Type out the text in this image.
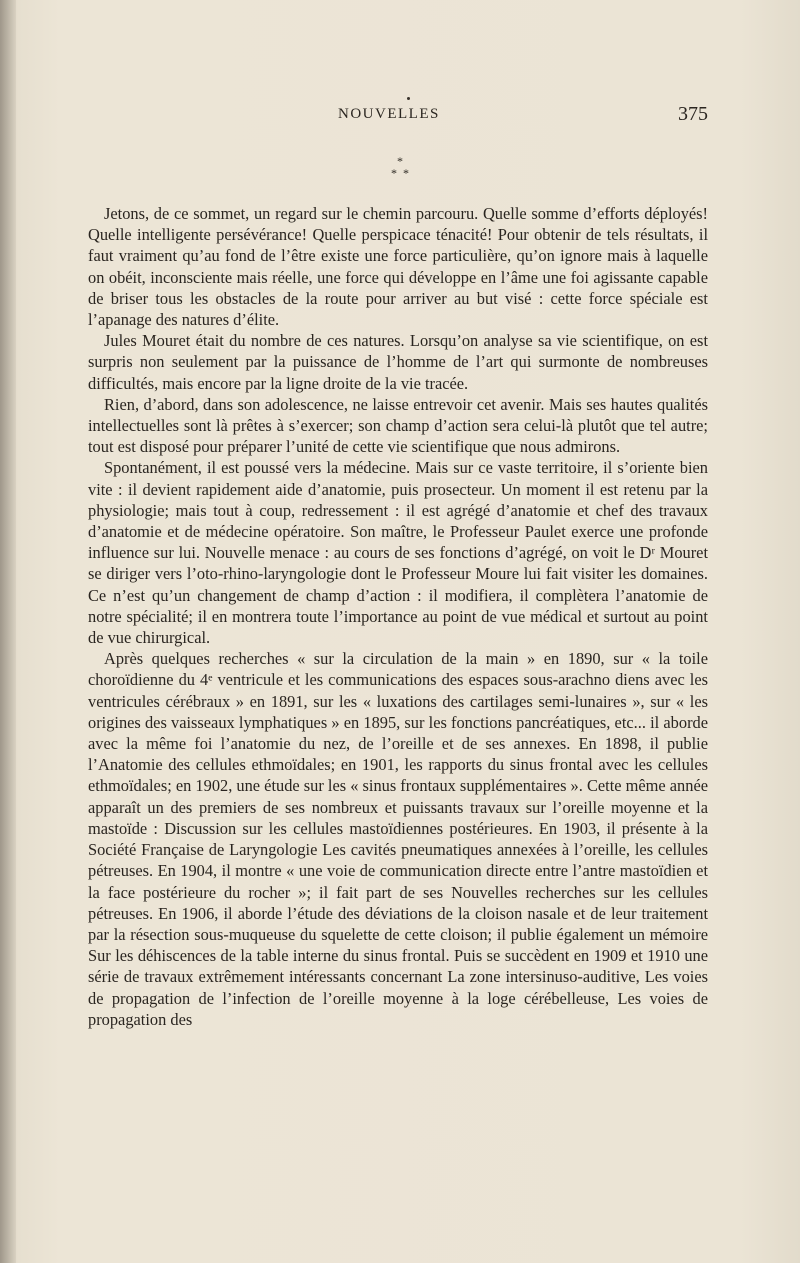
NOUVELLES	375
*
*  *

Jetons, de ce sommet, un regard sur le chemin parcouru. Quelle somme d’efforts déployés! Quelle intelligente persévérance! Quelle perspicace ténacité! Pour obtenir de tels résultats, il faut vraiment qu’au fond de l’être existe une force particulière, qu’on ignore mais à laquelle on obéit, inconsciente mais réelle, une force qui développe en l’âme une foi agissante capable de briser tous les obstacles de la route pour arriver au but visé : cette force spéciale est l’apanage des natures d’élite.

Jules Mouret était du nombre de ces natures. Lorsqu’on analyse sa vie scientifique, on est surpris non seulement par la puissance de l’homme de l’art qui surmonte de nombreuses difficultés, mais encore par la ligne droite de la vie tracée.

Rien, d’abord, dans son adolescence, ne laisse entrevoir cet avenir. Mais ses hautes qualités intellectuelles sont là prêtes à s’exercer; son champ d’action sera celui-là plutôt que tel autre; tout est disposé pour préparer l’unité de cette vie scientifique que nous admirons.

Spontanément, il est poussé vers la médecine. Mais sur ce vaste territoire, il s’oriente bien vite : il devient rapidement aide d’anatomie, puis prosecteur. Un moment il est retenu par la physiologie; mais tout à coup, redressement : il est agrégé d’anatomie et chef des travaux d’anatomie et de médecine opératoire. Son maître, le Professeur Paulet exerce une profonde influence sur lui. Nouvelle menace : au cours de ses fonctions d’agrégé, on voit le Dʳ Mouret se diriger vers l’oto-rhino-laryngologie dont le Professeur Moure lui fait visiter les domaines. Ce n’est qu’un changement de champ d’action : il modifiera, il complètera l’anatomie de notre spécialité; il en montrera toute l’importance au point de vue médical et surtout au point de vue chirurgical.

Après quelques recherches « sur la circulation de la main » en 1890, sur « la toile choroïdienne du 4ᵉ ventricule et les communications des espaces sous-arachno diens avec les ventricules cérébraux » en 1891, sur les « luxations des cartilages semi-lunaires », sur « les origines des vaisseaux lymphatiques » en 1895, sur les fonctions pancréatiques, etc... il aborde avec la même foi l’anatomie du nez, de l’oreille et de ses annexes. En 1898, il publie l’Anatomie des cellules ethmoïdales; en 1901, les rapports du sinus frontal avec les cellules ethmoïdales; en 1902, une étude sur les « sinus frontaux supplémentaires ». Cette même année apparaît un des premiers de ses nombreux et puissants travaux sur l’oreille moyenne et la mastoïde : Discussion sur les cellules mastoïdiennes postérieures. En 1903, il présente à la Société Française de Laryngologie Les cavités pneumatiques annexées à l’oreille, les cellules pétreuses. En 1904, il montre « une voie de communication directe entre l’antre mastoïdien et la face postérieure du rocher »; il fait part de ses Nouvelles recherches sur les cellules pétreuses. En 1906, il aborde l’étude des déviations de la cloison nasale et de leur traitement par la résection sous-muqueuse du squelette de cette cloison; il publie également un mémoire Sur les déhiscences de la table interne du sinus frontal. Puis se succèdent en 1909 et 1910 une série de travaux extrêmement intéressants concernant La zone intersinuso-auditive, Les voies de propagation de l’infection de l’oreille moyenne à la loge cérébelleuse, Les voies de propagation des
